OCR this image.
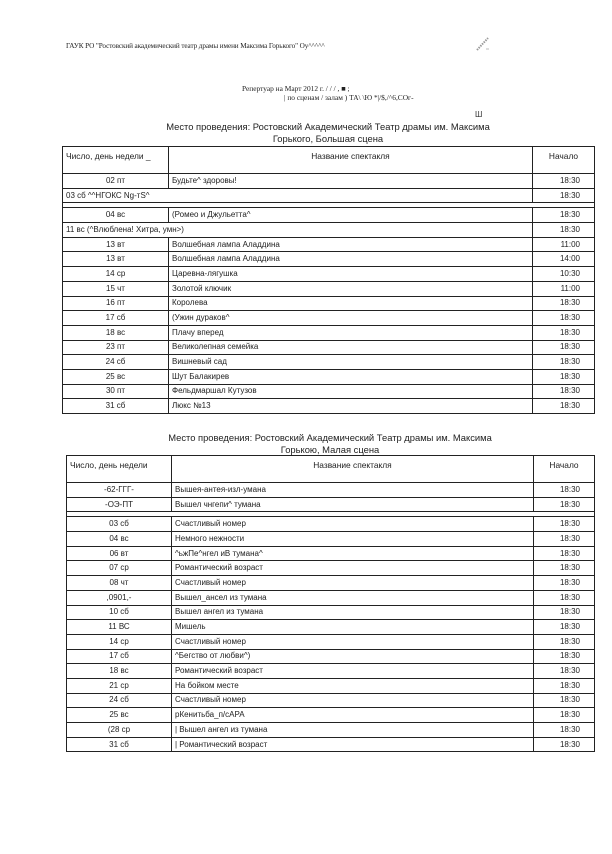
ГАУК РО "Ростовский академический театр драмы имени Максима Горького" Оу^^^^^
Репертуар на Март 2012 г. / / / , ■ ;
| по сценам / залам ) ТА\ \Ю *|/$,/^6,СОг-
Ш
Место проведения: Ростовский Академический Театр драмы им. Максима
Горького, Большая сцена
Число, день недели _	Название спектакля	Начало
02 пт	Будьте^ здоровы!	18:30
03 сб ^^НГОКС Ng-тS^		18:30

04 вс	(Ромео и Джульетта^	18:30
11 вс (^Влюблена! Хитра, умн>)		18:30
13 вт	Волшебная лампа Аладдина	11:00
13 вт	Волшебная лампа Аладдина	14:00
14 ср	Царевна-лягушка	10:30
15 чт	Золотой ключик	11:00
16 пт	Королева	18:30
17 сб	(Ужин дураков^	18:30
18 вс	Плачу вперед	18:30
23 пт	Великолепная семейка	18:30
24 сб	Вишневый сад	18:30
25 вс	Шут Балакирев	18:30
30 пт	Фельдмаршал Кутузов	18:30
31 сб	Люкс №13	18:30
Место проведения: Ростовский Академический Театр драмы им. Максима
Горькою, Малая сцена
Число, день недели	Название спектакля	Начало
-62-ГГГ-	Вышея-антея-изл-умана	18:30
-ОЭ-ПТ	Вышел чнгепи^ тумана	18:30

03 сб	Счастливый номер	18:30
04 вс	Немного нежности	18:30
06 вт	^ьжПе^нгел иВ тумана^	18:30
07 ср	Романтический возраст	18:30
08 чт	Счастливый номер	18:30
,0901,-	Вышел_ансел из тумана	18:30
10 сб	Вышел ангел из тумана	18:30
11 ВС	Мишель	18:30
14 ср	Счастливый номер	18:30
17 сб	^Бегство от любви^)	18:30
18 вс	Романтический возраст	18:30
21 ср	На бойком месте	18:30
24 сб	Счастливый номер	18:30
25 вс	рКенитьба_п/сАРА	18:30
(28 ср	| Вышел ангел из тумана	18:30
31 сб	| Романтический возраст	18:30
